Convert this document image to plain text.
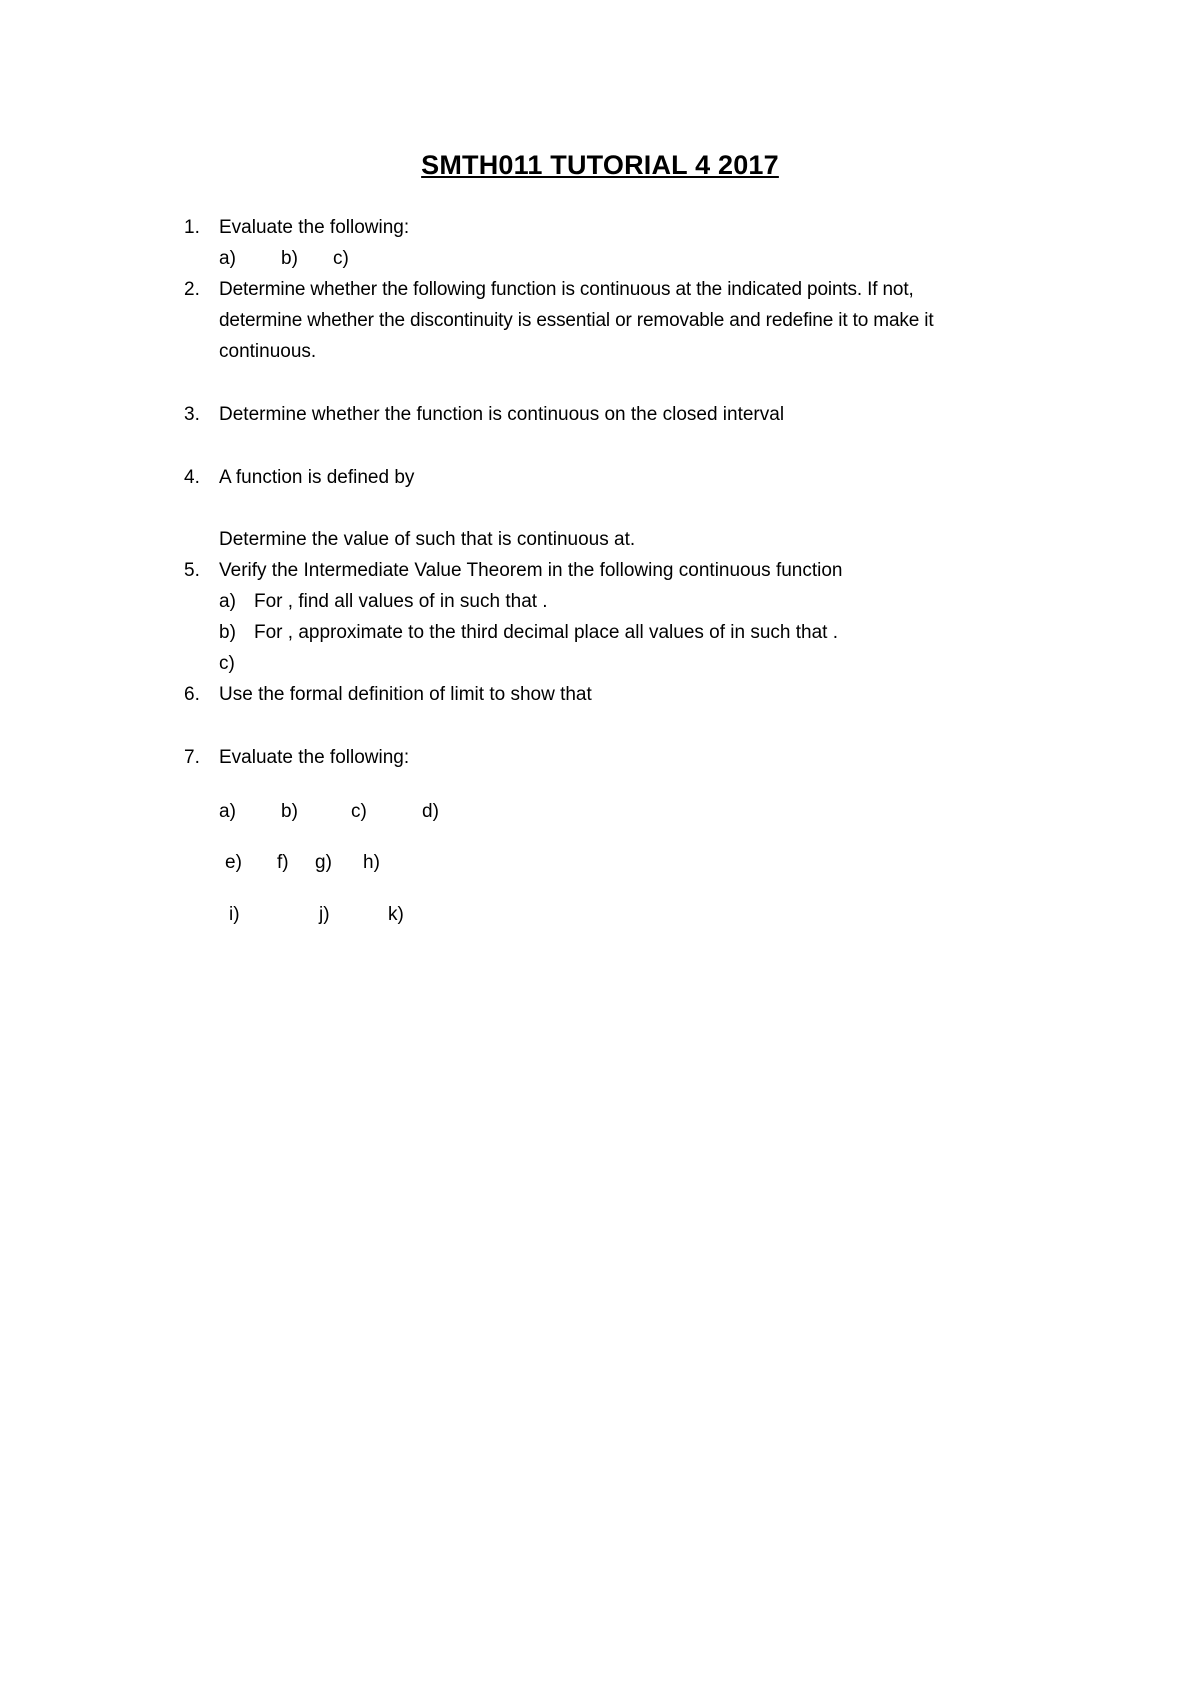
SMTH011 TUTORIAL 4 2017
1. Evaluate the following:
a) b) c)
2. Determine whether the following function is continuous at the indicated points. If not,
determine whether the discontinuity is essential or removable and redefine it to make it
continuous.
3. Determine whether the function is continuous on the closed interval
4. A function is defined by
Determine the value of such that is continuous at.
5. Verify the Intermediate Value Theorem in the following continuous function
a) For , find all values of in such that .
b) For , approximate to the third decimal place all values of in such that .
c)
6. Use the formal definition of limit to show that
7. Evaluate the following:
a) b)	c)	d)
e) f) g) h)
i)	j)	k)
